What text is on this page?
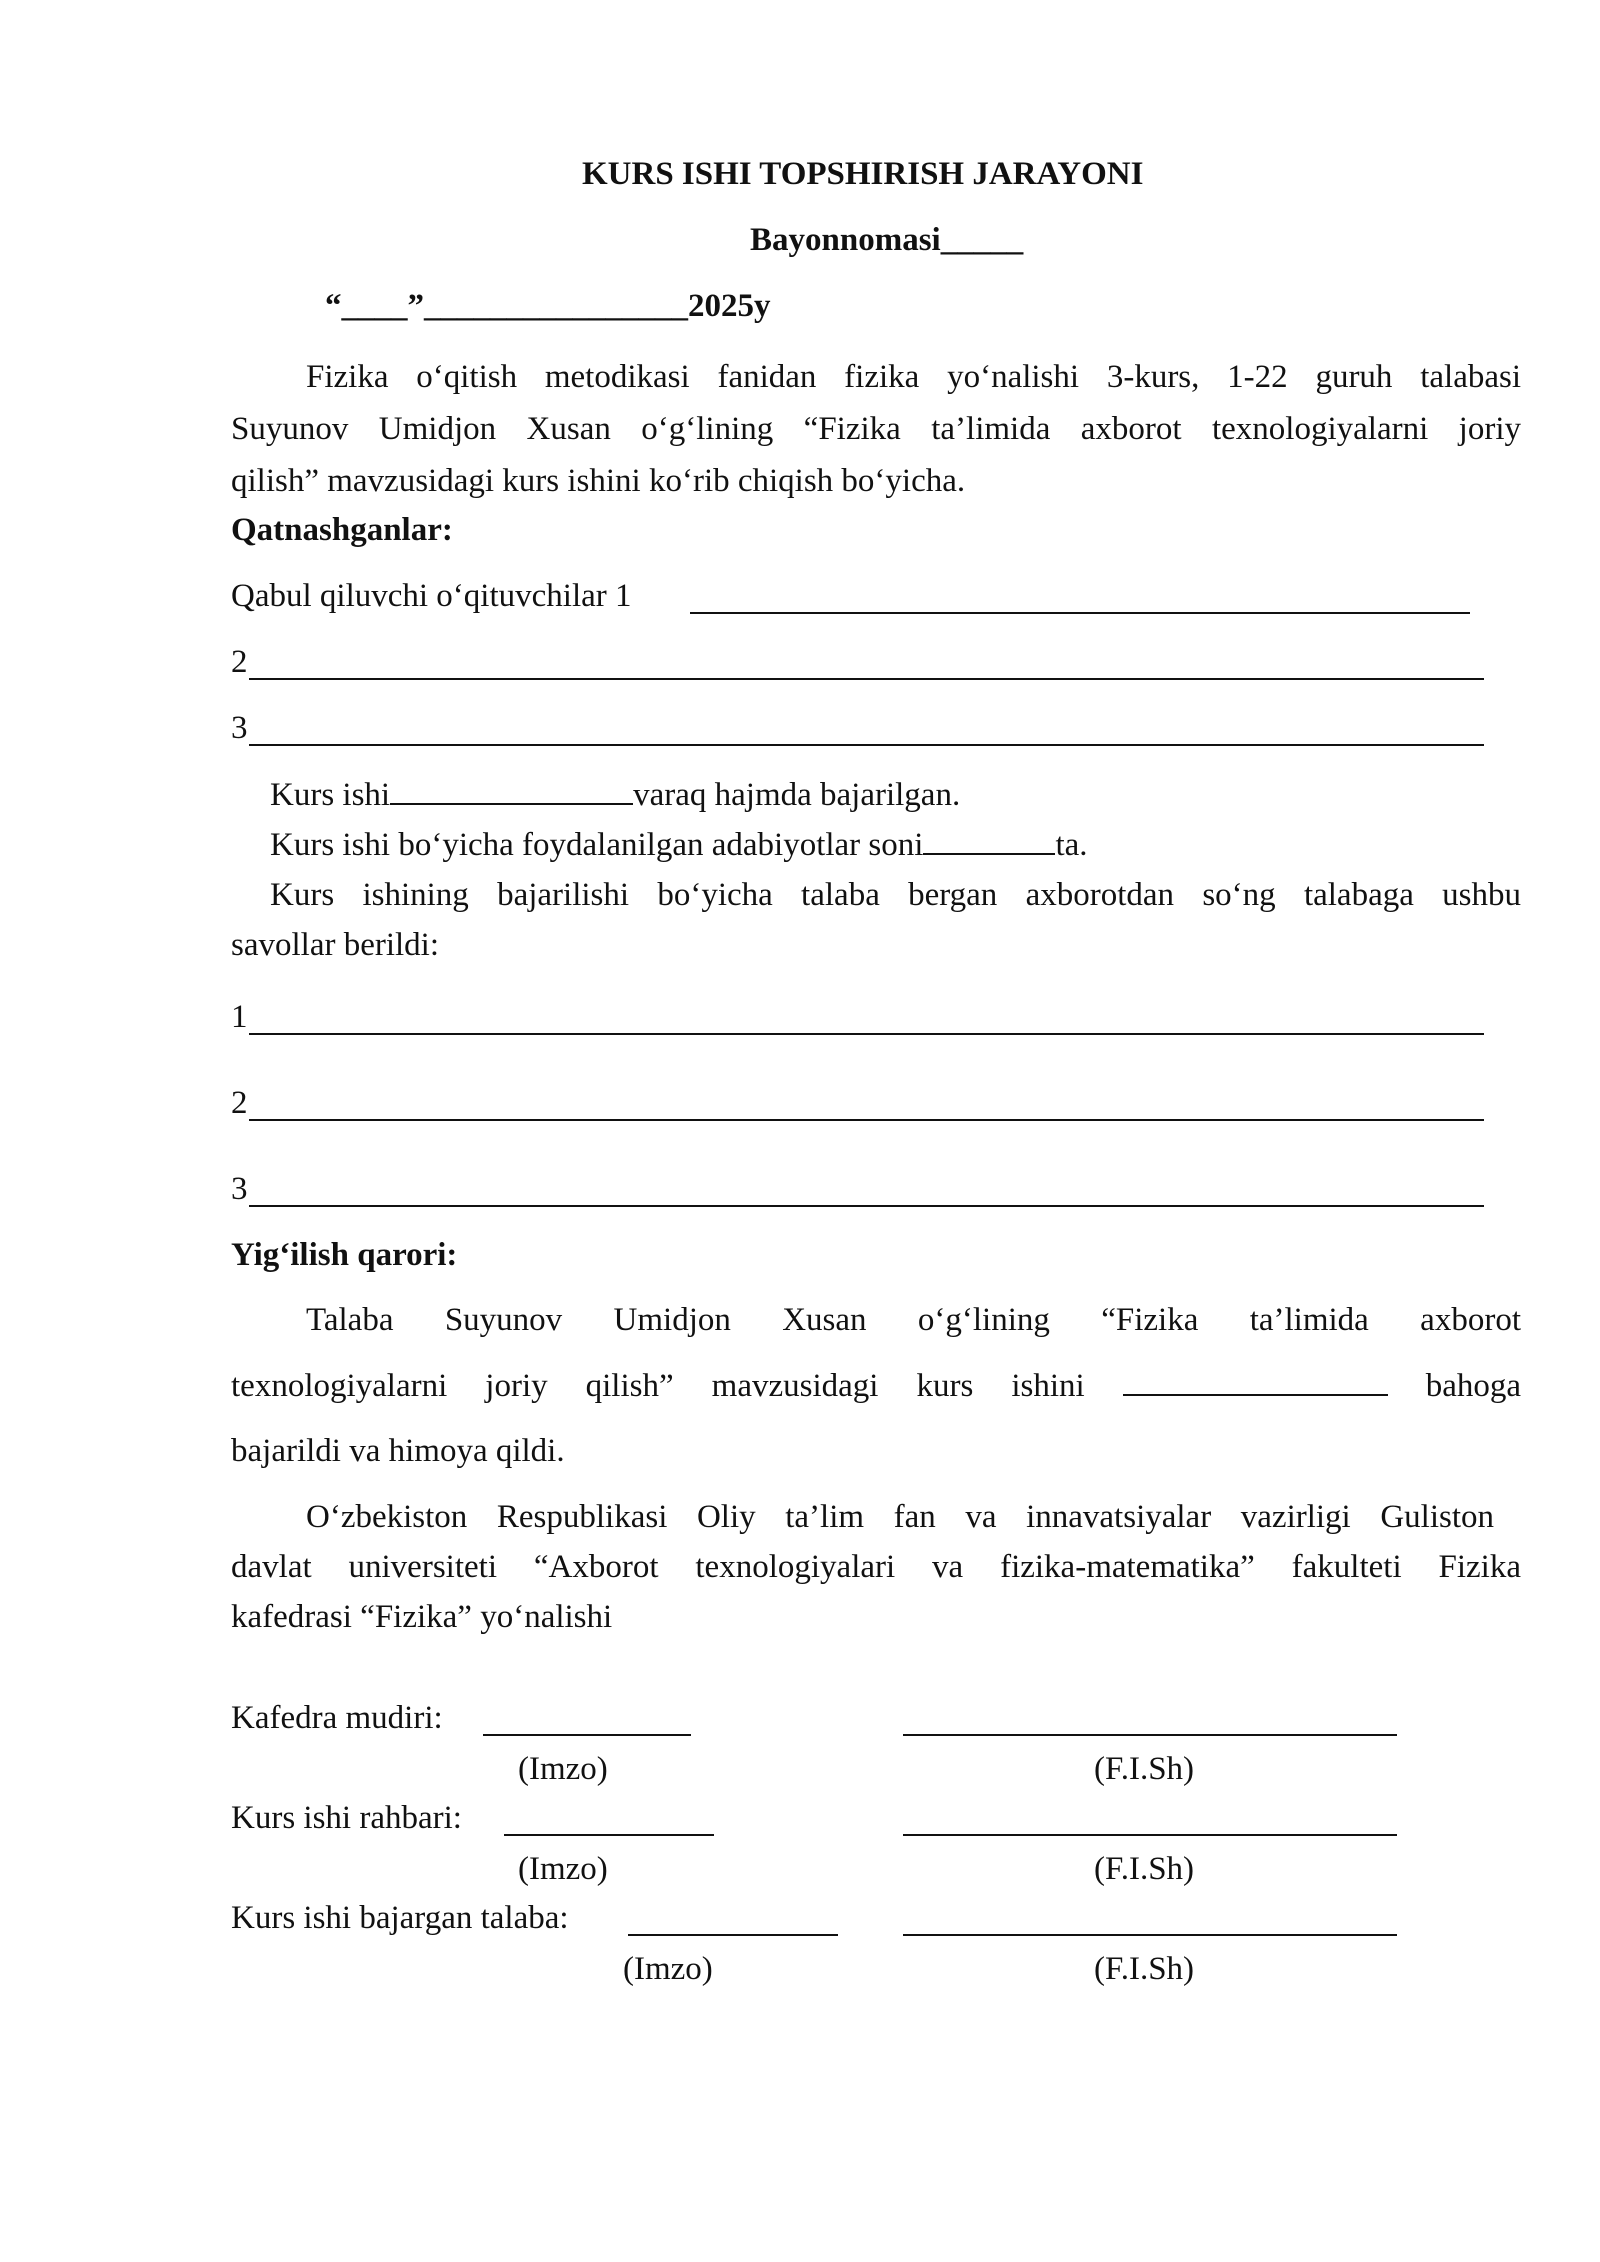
KURS ISHI TOPSHIRISH JARAYONI
Bayonnomasi_____
“____”________________2025y
Fizika o‘qitish metodikasi fanidan fizika yo‘nalishi 3-kurs, 1-22 guruh talabasi
Suyunov Umidjon Xusan o‘g‘lining “Fizika ta’limida axborot texnologiyalarni joriy
qilish” mavzusidagi kurs ishini ko‘rib chiqish bo‘yicha.
Qatnashganlar:
Qabul qiluvchi o‘qituvchilar 1
2
3
Kurs ishi	varaq hajmda bajarilgan.
Kurs ishi bo‘yicha foydalanilgan adabiyotlar soni	ta.
Kurs ishining bajarilishi bo‘yicha talaba bergan axborotdan so‘ng talabaga ushbu
savollar berildi:
1
2
3
Yig‘ilish qarori:
Talaba Suyunov Umidjon Xusan o‘g‘lining “Fizika ta’limida axborot
texnologiyalarni joriy qilish” mavzusidagi kurs ishini	bahoga
bajarildi va himoya qildi.
O‘zbekiston Respublikasi Oliy ta’lim fan va innavatsiyalar vazirligi Guliston
davlat universiteti “Axborot texnologiyalari va fizika-matematika” fakulteti Fizika
kafedrasi “Fizika” yo‘nalishi
Kafedra mudiri:
(Imzo)	(F.I.Sh)
Kurs ishi rahbari:
(Imzo)	(F.I.Sh)
Kurs ishi bajargan talaba:
(Imzo)	(F.I.Sh)
